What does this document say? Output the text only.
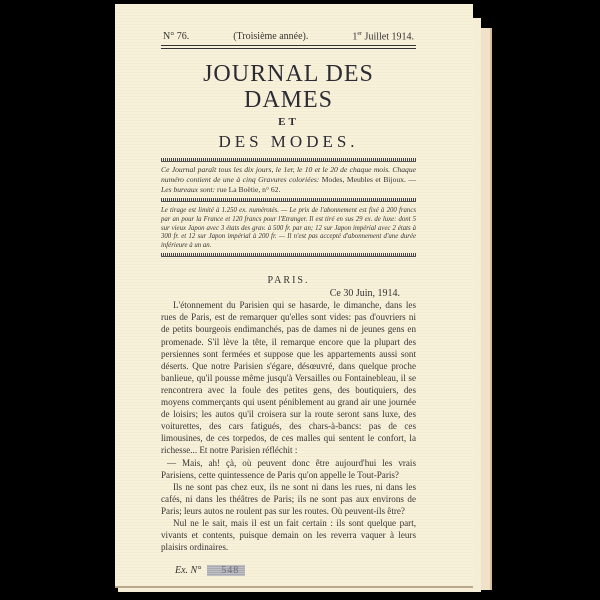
N° 76.	(Troisième année).	1er Juillet 1914.
JOURNAL DES DAMES
ET
DES MODES.
Ce Journal paraît tous les dix jours, le 1er, le 10 et le 20 de chaque mois. Chaque numéro contient de une à cinq Gravures coloriées: Modes, Meubles et Bijoux. — Les bureaux sont: rue La Boëtie, n° 62.
Le tirage est limité à 1.250 ex. numérotés. — Le prix de l'abonnement est fixé à 200 francs par an pour la France et 120 francs pour l'Etranger. Il est tiré en sus 29 ex. de luxe: dont 5 sur vieux Japon avec 3 états des grav. à 500 fr. par an; 12 sur Japon impérial avec 2 états à 300 fr. et 12 sur Japon impérial à 200 fr. — Il n'est pas accepté d'abonnement d'une durée inférieure à un an.
PARIS.
Ce 30 Juin, 1914.

L'étonnement du Parisien qui se hasarde, le dimanche, dans les rues de Paris, est de remarquer qu'elles sont vides: pas d'ouvriers ni de petits bourgeois endimanchés, pas de dames ni de jeunes gens en promenade. S'il lève la tête, il remarque encore que la plupart des persiennes sont fermées et suppose que les appartements aussi sont déserts. Que notre Parisien s'égare, désœuvré, dans quelque proche banlieue, qu'il pousse même jusqu'à Versailles ou Fontainebleau, il se rencontrera avec la foule des petites gens, des boutiquiers, des moyens commerçants qui usent péniblement au grand air une journée de loisirs; les autos qu'il croisera sur la route seront sans luxe, des voiturettes, des cars fatigués, des chars-à-bancs: pas de ces limousines, de ces torpedos, de ces malles qui sentent le confort, la richesse... Et notre Parisien réfléchit :

— Mais, ah! çà, où peuvent donc être aujourd'hui les vrais Parisiens, cette quintessence de Paris qu'on appelle le Tout-Paris?

Ils ne sont pas chez eux, ils ne sont ni dans les rues, ni dans les cafés, ni dans les théâtres de Paris; ils ne sont pas aux environs de Paris; leurs autos ne roulent pas sur les routes. Où peuvent-ils être?

Nul ne le sait, mais il est un fait certain : ils sont quelque part, vivants et contents, puisque demain on les reverra vaquer à leurs plaisirs ordinaires.

Ex. N°	548
